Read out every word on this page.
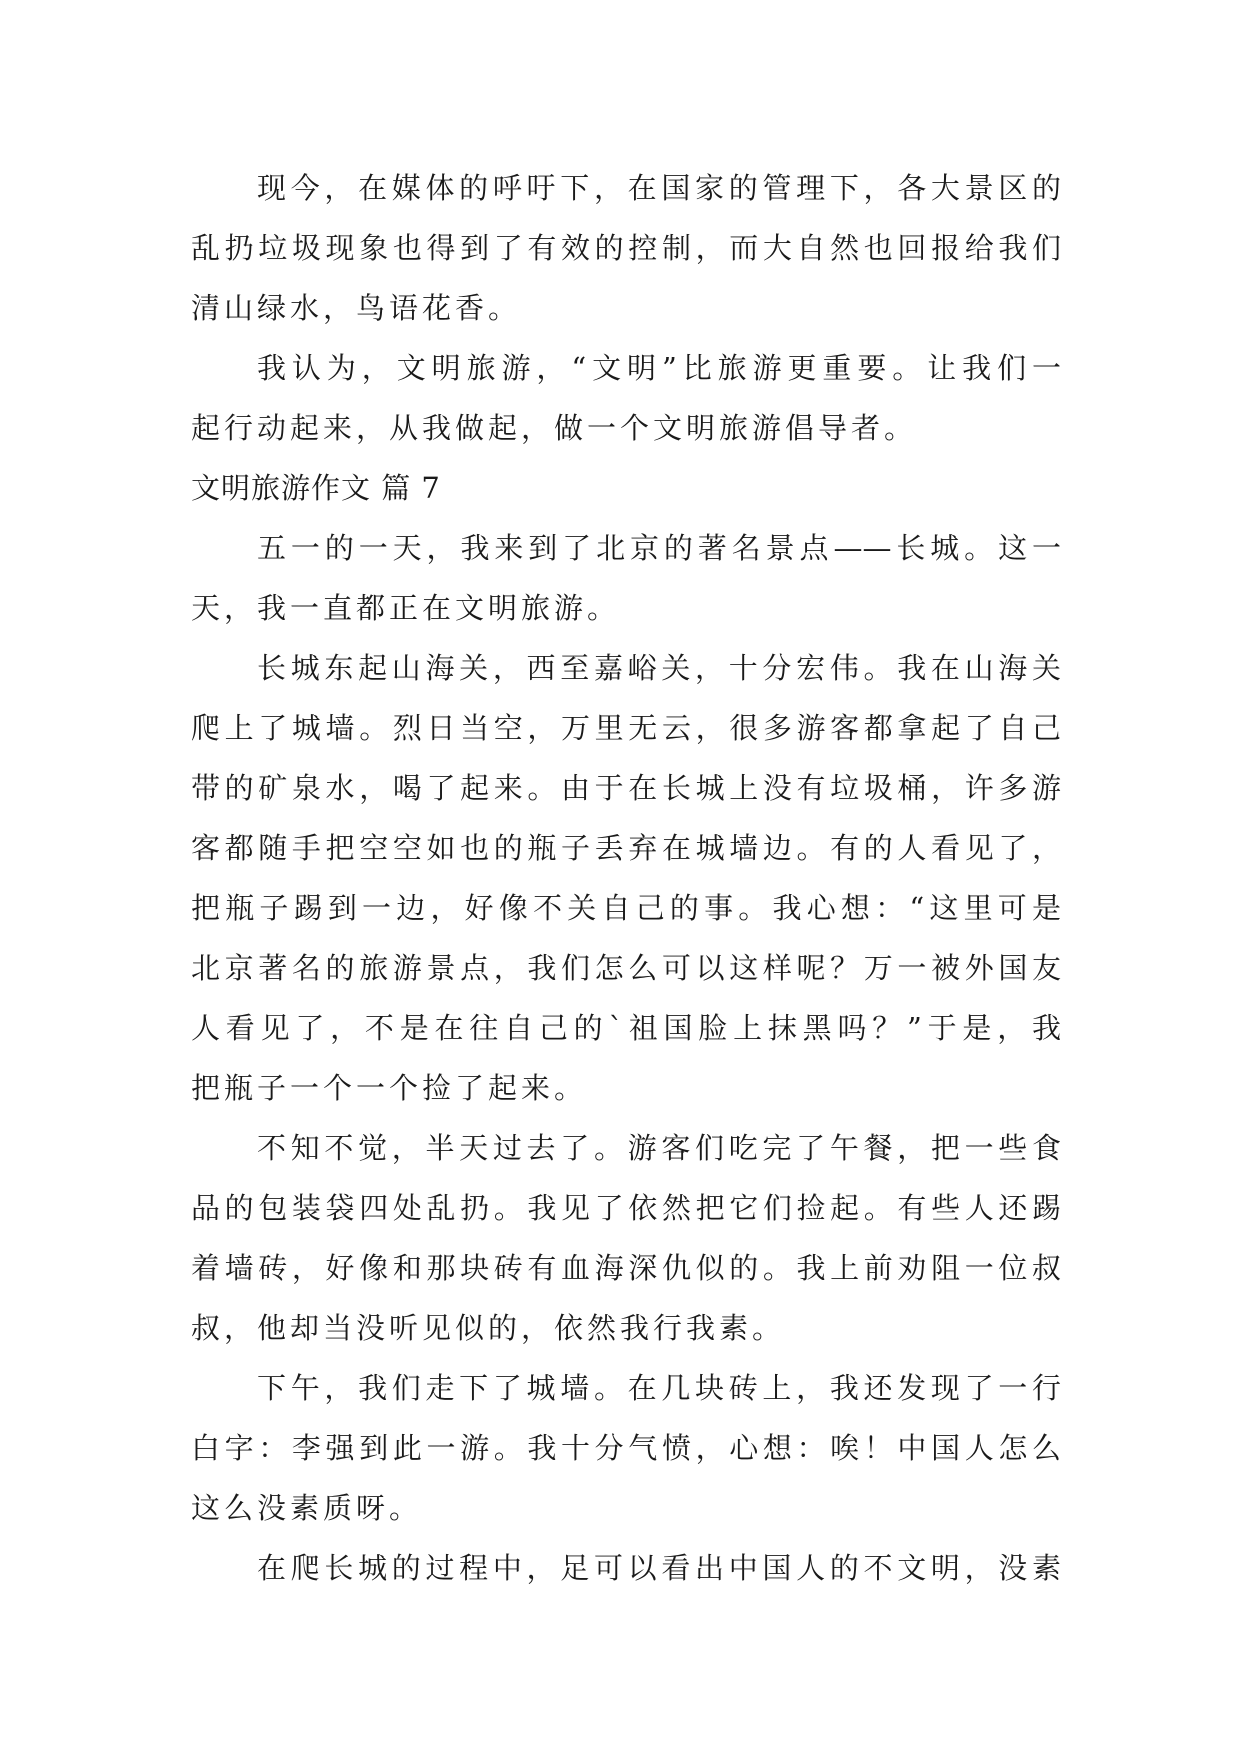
现今，在媒体的呼吁下，在国家的管理下，各大景区的
乱扔垃圾现象也得到了有效的控制，而大自然也回报给我们
清山绿水，鸟语花香。
我认为，文明旅游，“文明”比旅游更重要。让我们一
起行动起来，从我做起，做一个文明旅游倡导者。
文明旅游作文 篇 7
五一的一天，我来到了北京的著名景点——长城。这一
天，我一直都正在文明旅游。
长城东起山海关，西至嘉峪关，十分宏伟。我在山海关
爬上了城墙。烈日当空，万里无云，很多游客都拿起了自己
带的矿泉水，喝了起来。由于在长城上没有垃圾桶，许多游
客都随手把空空如也的瓶子丢弃在城墙边。有的人看见了，
把瓶子踢到一边，好像不关自己的事。我心想：“这里可是
北京著名的旅游景点，我们怎么可以这样呢？万一被外国友
人看见了，不是在往自己的`祖国脸上抹黑吗？”于是，我
把瓶子一个一个捡了起来。
不知不觉，半天过去了。游客们吃完了午餐，把一些食
品的包装袋四处乱扔。我见了依然把它们捡起。有些人还踢
着墙砖，好像和那块砖有血海深仇似的。我上前劝阻一位叔
叔，他却当没听见似的，依然我行我素。
下午，我们走下了城墙。在几块砖上，我还发现了一行
白字：李强到此一游。我十分气愤，心想：唉！中国人怎么
这么没素质呀。
在爬长城的过程中，足可以看出中国人的不文明，没素
